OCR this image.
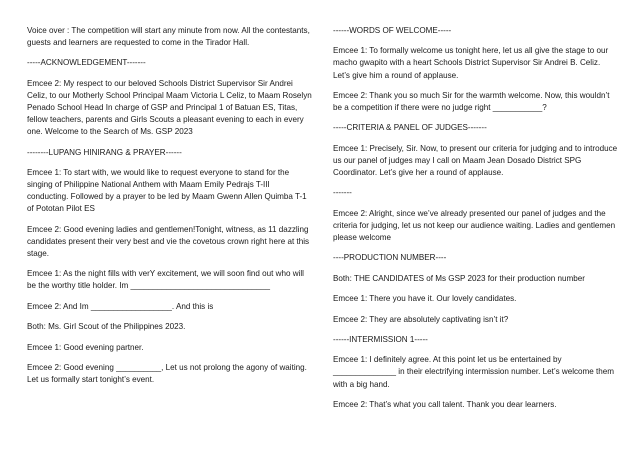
Voice over : The competition will start any minute from now. All the contestants, guests and learners are requested to come in the Tirador Hall.

-----ACKNOWLEDGEMENT-------

Emcee 2: My respect to our beloved Schools District Supervisor Sir Andrei Celiz, to our Motherly School Principal Maam Victoria L Celiz, to Maam Roselyn Penado School Head In charge of GSP and Principal 1 of Batuan ES, Titas, fellow teachers, parents and Girls Scouts a pleasant evening to each in every one. Welcome to the Search of Ms. GSP 2023

--------LUPANG HINIRANG & PRAYER------

Emcee 1: To start with, we would like to request everyone to stand for the singing of Philippine National Anthem with Maam Emily Pedrajs T-III conducting. Followed by a prayer to be led by Maam Gwenn Allen Quimba T-1 of Pototan Pilot ES

Emcee 2: Good evening ladies and gentlemen!Tonight, witness, as 11 dazzling candidates present their very best and vie the covetous crown right here at this stage.

Emcee 1: As the night fills with verY excitement, we will soon find out who will be the worthy title holder. Im _______________________________

Emcee 2: And Im __________________. And this is

Both: Ms. Girl Scout of the Philippines 2023.

Emcee 1: Good evening partner.

Emcee 2: Good evening __________, Let us not prolong the agony of waiting. Let us formally start tonight’s event.

------WORDS OF WELCOME-----

Emcee 1: To formally welcome us tonight here, let us all give the stage to our macho gwapito with a heart Schools District Supervisor Sir Andrei B. Celiz. Let’s give him a round of applause.

Emcee 2: Thank you so much Sir for the warmth welcome. Now, this wouldn’t be a competition if there were no judge right ___________?

-----CRITERIA & PANEL OF JUDGES-------

Emcee 1: Precisely, Sir. Now, to present our criteria for judging and to introduce us our panel of judges may I call on Maam Jean Dosado District SPG Coordinator. Let’s give her a round of applause.

-------

Emcee 2: Alright, since we’ve already presented our panel of judges and the criteria for judging, let us not keep our audience waiting. Ladies and gentlemen please welcome

----PRODUCTION NUMBER----

Both: THE CANDIDATES of Ms GSP 2023 for their production number

Emcee 1: There you have it. Our lovely candidates.

Emcee 2: They are absolutely captivating isn’t it?

------INTERMISSION 1-----

Emcee 1: I definitely agree. At this point let us be entertained by ______________ in their electrifying intermission number. Let’s welcome them with a big hand.

Emcee 2: That’s what you call talent. Thank you dear learners.
